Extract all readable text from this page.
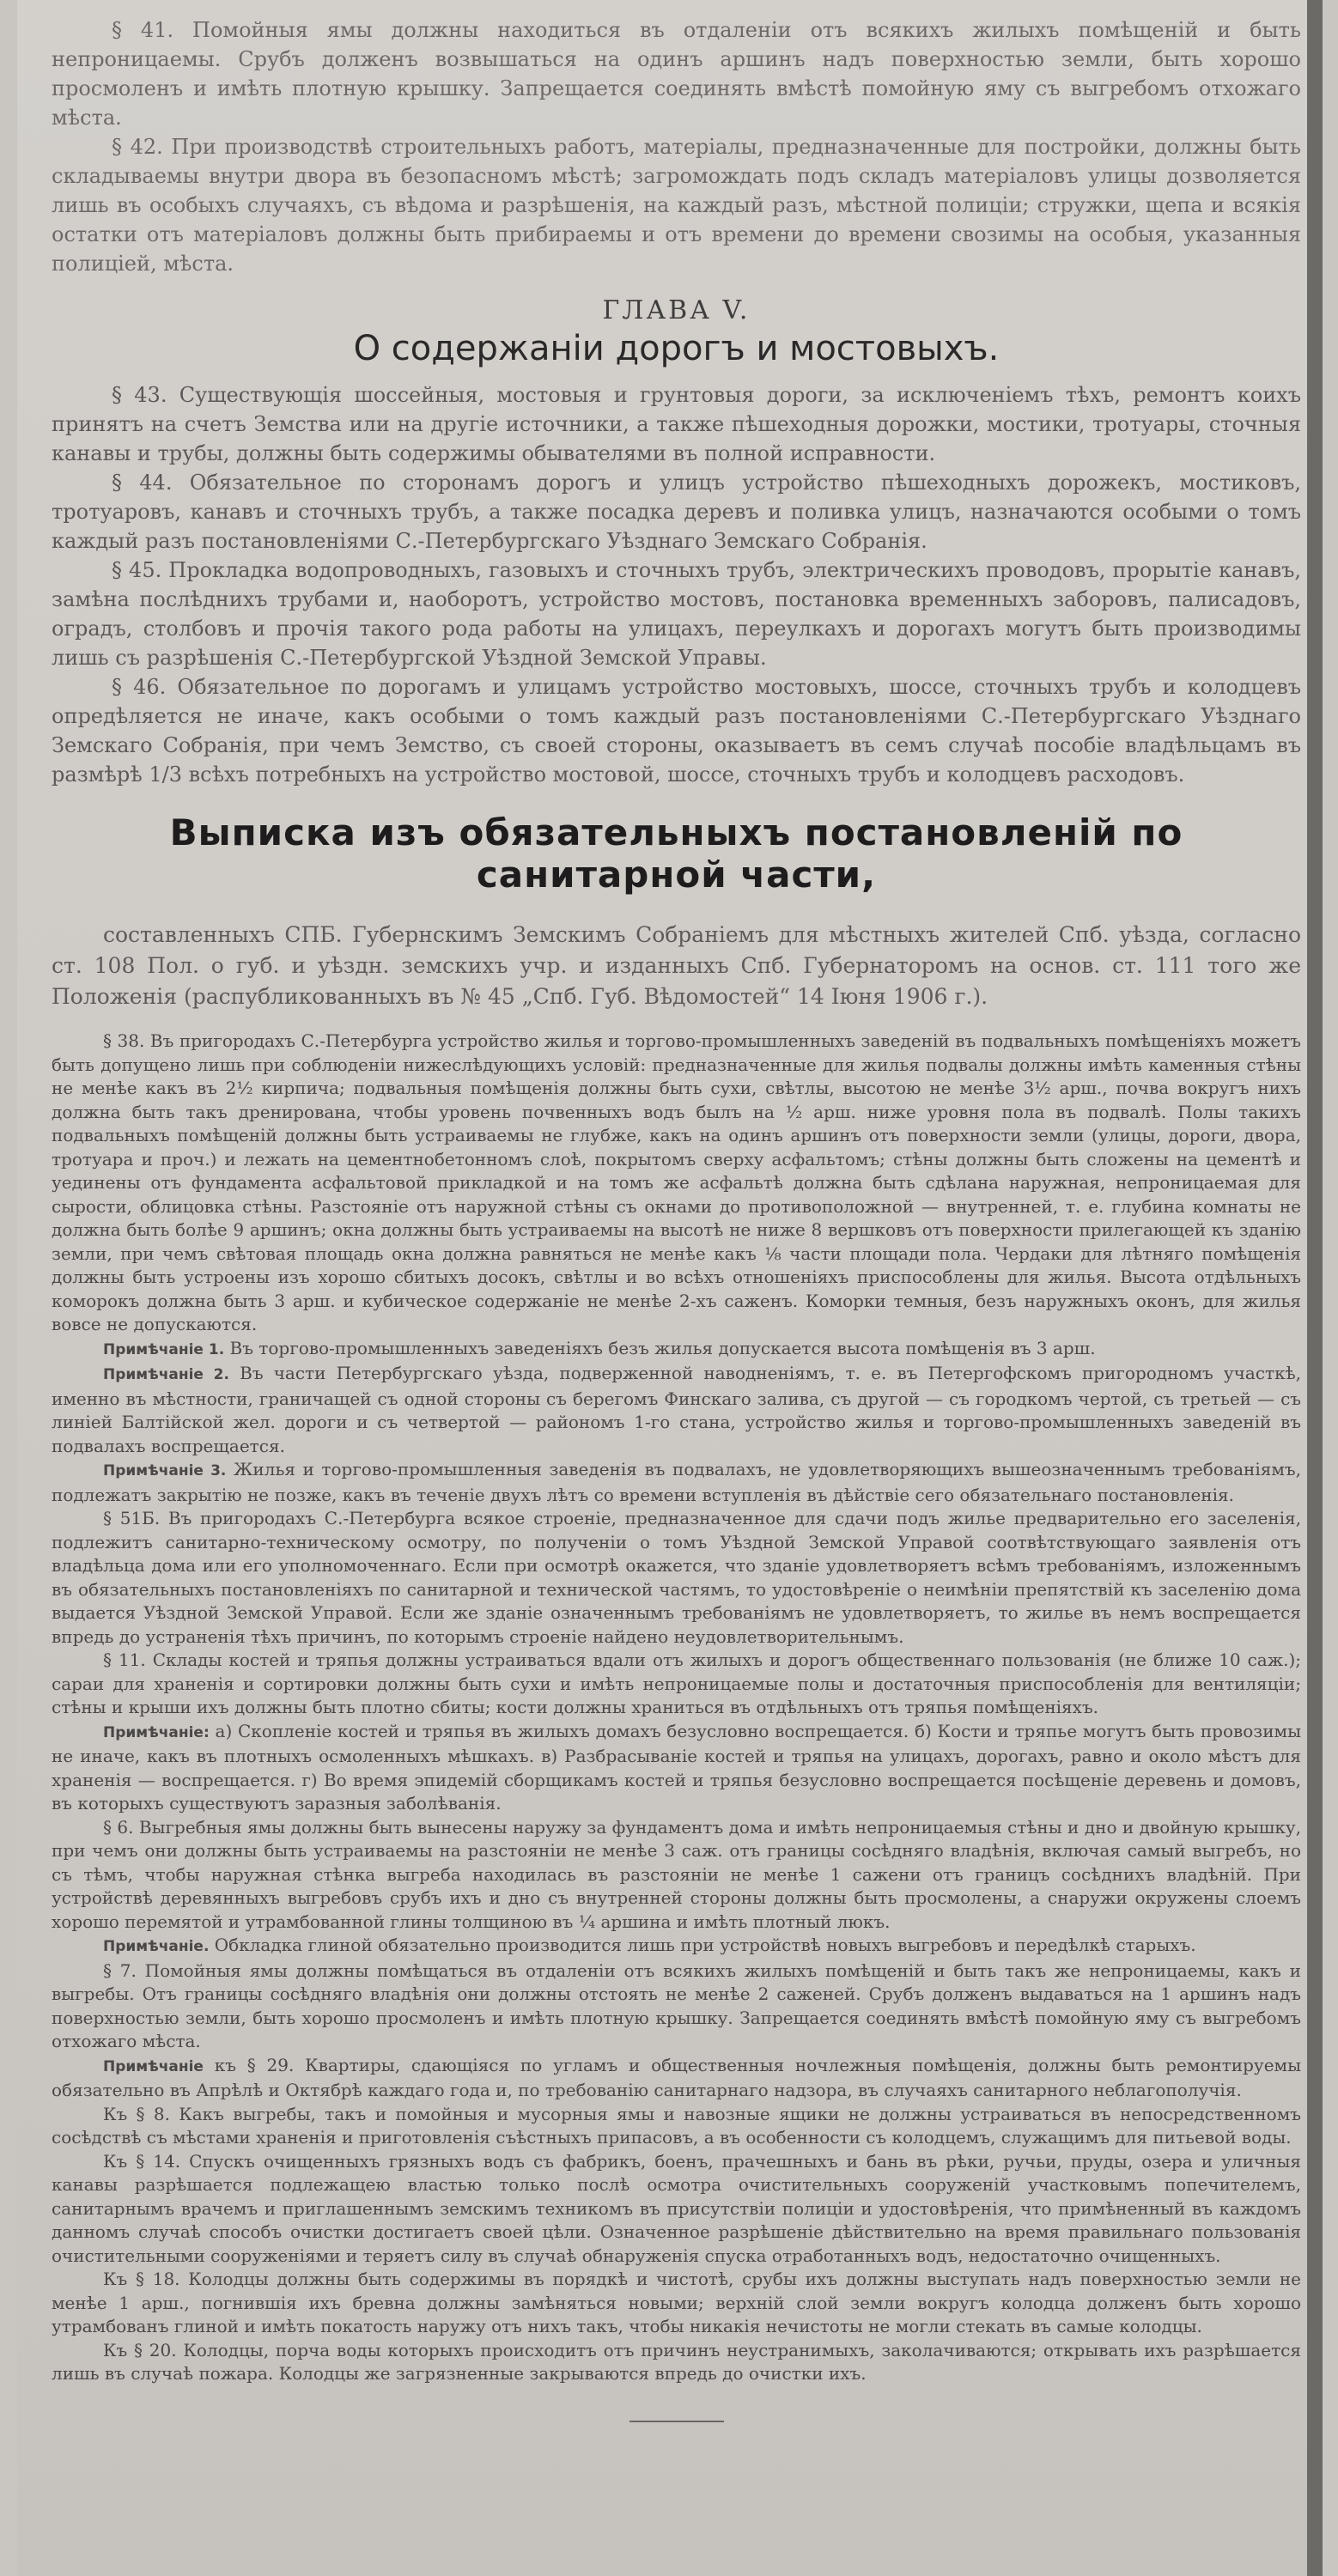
§ 41. Помойныя ямы должны находиться въ отдаленіи отъ всякихъ жилыхъ помѣщеній и быть непроницаемы. Срубъ долженъ возвышаться на одинъ аршинъ надъ поверхностью земли, быть хорошо просмоленъ и имѣть плотную крышку. Запрещается соединять вмѣстѣ помойную яму съ выгребомъ отхожаго мѣста.

§ 42. При производствѣ строительныхъ работъ, матеріалы, предназначенные для постройки, должны быть складываемы внутри двора въ безопасномъ мѣстѣ; загромождать подъ складъ матеріаловъ улицы дозволяется лишь въ особыхъ случаяхъ, съ вѣдома и разрѣшенія, на каждый разъ, мѣстной полиціи; стружки, щепа и всякія остатки отъ матеріаловъ должны быть прибираемы и отъ времени до времени свозимы на особыя, указанныя полиціей, мѣста.

ГЛАВА V.
О содержаніи дорогъ и мостовыхъ.

§ 43. Существующія шоссейныя, мостовыя и грунтовыя дороги, за исключеніемъ тѣхъ, ремонтъ коихъ принятъ на счетъ Земства или на другіе источники, а также пѣшеходныя дорожки, мостики, тротуары, сточныя канавы и трубы, должны быть содержимы обывателями въ полной исправности.

§ 44. Обязательное по сторонамъ дорогъ и улицъ устройство пѣшеходныхъ дорожекъ, мостиковъ, тротуаровъ, канавъ и сточныхъ трубъ, а также посадка деревъ и поливка улицъ, назначаются особыми о томъ каждый разъ постановленіями С.-Петербургскаго Уѣзднаго Земскаго Собранія.

§ 45. Прокладка водопроводныхъ, газовыхъ и сточныхъ трубъ, электрическихъ проводовъ, прорытіе канавъ, замѣна послѣднихъ трубами и, наоборотъ, устройство мостовъ, постановка временныхъ заборовъ, палисадовъ, оградъ, столбовъ и прочія такого рода работы на улицахъ, переулкахъ и дорогахъ могутъ быть производимы лишь съ разрѣшенія С.-Петербургской Уѣздной Земской Управы.

§ 46. Обязательное по дорогамъ и улицамъ устройство мостовыхъ, шоссе, сточныхъ трубъ и колодцевъ опредѣляется не иначе, какъ особыми о томъ каждый разъ постановленіями С.-Петербургскаго Уѣзднаго Земскаго Собранія, при чемъ Земство, съ своей стороны, оказываетъ въ семъ случаѣ пособіе владѣльцамъ въ размѣрѣ 1/3 всѣхъ потребныхъ на устройство мостовой, шоссе, сточныхъ трубъ и колодцевъ расходовъ.

Выписка изъ обязательныхъ постановленій по санитарной части,

составленныхъ СПБ. Губернскимъ Земскимъ Собраніемъ для мѣстныхъ жителей Спб. уѣзда, согласно ст. 108 Пол. о губ. и уѣздн. земскихъ учр. и изданныхъ Спб. Губернаторомъ на основ. ст. 111 того же Положенія (распубликованныхъ въ № 45 „Спб. Губ. Вѣдомостей“ 14 Іюня 1906 г.).

§ 38. Въ пригородахъ С.-Петербурга устройство жилья и торгово-промышленныхъ заведеній въ подвальныхъ помѣщеніяхъ можетъ быть допущено лишь при соблюденіи нижеслѣдующихъ условій: предназначенные для жилья подвалы должны имѣть каменныя стѣны не менѣе какъ въ 2½ кирпича; подвальныя помѣщенія должны быть сухи, свѣтлы, высотою не менѣе 3½ арш., почва вокругъ нихъ должна быть такъ дренирована, чтобы уровень почвенныхъ водъ былъ на ½ арш. ниже уровня пола въ подвалѣ. Полы такихъ подвальныхъ помѣщеній должны быть устраиваемы не глубже, какъ на одинъ аршинъ отъ поверхности земли (улицы, дороги, двора, тротуара и проч.) и лежать на цементнобетонномъ слоѣ, покрытомъ сверху асфальтомъ; стѣны должны быть сложены на цементѣ и уединены отъ фундамента асфальтовой прикладкой и на томъ же асфальтѣ должна быть сдѣлана наружная, непроницаемая для сырости, облицовка стѣны. Разстояніе отъ наружной стѣны съ окнами до противоположной — внутренней, т. е. глубина комнаты не должна быть болѣе 9 аршинъ; окна должны быть устраиваемы на высотѣ не ниже 8 вершковъ отъ поверхности прилегающей къ зданію земли, при чемъ свѣтовая площадь окна должна равняться не менѣе какъ ⅛ части площади пола. Чердаки для лѣтняго помѣщенія должны быть устроены изъ хорошо сбитыхъ досокъ, свѣтлы и во всѣхъ отношеніяхъ приспособлены для жилья. Высота отдѣльныхъ коморокъ должна быть 3 арш. и кубическое содержаніе не менѣе 2-хъ саженъ. Коморки темныя, безъ наружныхъ оконъ, для жилья вовсе не допускаются.

Примѣчаніе 1. Въ торгово-промышленныхъ заведеніяхъ безъ жилья допускается высота помѣщенія въ 3 арш.

Примѣчаніе 2. Въ части Петербургскаго уѣзда, подверженной наводненіямъ, т. е. въ Петергофскомъ пригородномъ участкѣ, именно въ мѣстности, граничащей съ одной стороны съ берегомъ Финскаго залива, съ другой — съ городкомъ чертой, съ третьей — съ линіей Балтійской жел. дороги и съ четвертой — райономъ 1-го стана, устройство жилья и торгово-промышленныхъ заведеній въ подвалахъ воспрещается.

Примѣчаніе 3. Жилья и торгово-промышленныя заведенія въ подвалахъ, не удовлетворяющихъ вышеозначеннымъ требованіямъ, подлежатъ закрытію не позже, какъ въ теченіе двухъ лѣтъ со времени вступленія въ дѣйствіе сего обязательнаго постановленія.

§ 51Б. Въ пригородахъ С.-Петербурга всякое строеніе, предназначенное для сдачи подъ жилье предварительно его заселенія, подлежитъ санитарно-техническому осмотру, по полученіи о томъ Уѣздной Земской Управой соотвѣтствующаго заявленія отъ владѣльца дома или его уполномоченнаго. Если при осмотрѣ окажется, что зданіе удовлетворяетъ всѣмъ требованіямъ, изложеннымъ въ обязательныхъ постановленіяхъ по санитарной и технической частямъ, то удостовѣреніе о неимѣніи препятствій къ заселенію дома выдается Уѣздной Земской Управой. Если же зданіе означеннымъ требованіямъ не удовлетворяетъ, то жилье въ немъ воспрещается впредь до устраненія тѣхъ причинъ, по которымъ строеніе найдено неудовлетворительнымъ.

§ 11. Склады костей и тряпья должны устраиваться вдали отъ жилыхъ и дорогъ общественнаго пользованія (не ближе 10 саж.); сараи для храненія и сортировки должны быть сухи и имѣть непроницаемые полы и достаточныя приспособленія для вентиляціи; стѣны и крыши ихъ должны быть плотно сбиты; кости должны храниться въ отдѣльныхъ отъ тряпья помѣщеніяхъ.

Примѣчаніе: а) Скопленіе костей и тряпья въ жилыхъ домахъ безусловно воспрещается. б) Кости и тряпье могутъ быть провозимы не иначе, какъ въ плотныхъ осмоленныхъ мѣшкахъ. в) Разбрасываніе костей и тряпья на улицахъ, дорогахъ, равно и около мѣстъ для храненія — воспрещается. г) Во время эпидемій сборщикамъ костей и тряпья безусловно воспрещается посѣщеніе деревень и домовъ, въ которыхъ существуютъ заразныя заболѣванія.

§ 6. Выгребныя ямы должны быть вынесены наружу за фундаментъ дома и имѣть непроницаемыя стѣны и дно и двойную крышку, при чемъ они должны быть устраиваемы на разстояніи не менѣе 3 саж. отъ границы сосѣдняго владѣнія, включая самый выгребъ, но съ тѣмъ, чтобы наружная стѣнка выгреба находилась въ разстояніи не менѣе 1 сажени отъ границъ сосѣднихъ владѣній. При устройствѣ деревянныхъ выгребовъ срубъ ихъ и дно съ внутренней стороны должны быть просмолены, а снаружи окружены слоемъ хорошо перемятой и утрамбованной глины толщиною въ ¼ аршина и имѣть плотный люкъ.

Примѣчаніе. Обкладка глиной обязательно производится лишь при устройствѣ новыхъ выгребовъ и передѣлкѣ старыхъ.

§ 7. Помойныя ямы должны помѣщаться въ отдаленіи отъ всякихъ жилыхъ помѣщеній и быть такъ же непроницаемы, какъ и выгребы. Отъ границы сосѣдняго владѣнія они должны отстоять не менѣе 2 саженей. Срубъ долженъ выдаваться на 1 аршинъ надъ поверхностью земли, быть хорошо просмоленъ и имѣть плотную крышку. Запрещается соединять вмѣстѣ помойную яму съ выгребомъ отхожаго мѣста.

Примѣчаніе къ § 29. Квартиры, сдающіяся по угламъ и общественныя ночлежныя помѣщенія, должны быть ремонтируемы обязательно въ Апрѣлѣ и Октябрѣ каждаго года и, по требованію санитарнаго надзора, въ случаяхъ санитарного неблагополучія.

Къ § 8. Какъ выгребы, такъ и помойныя и мусорныя ямы и навозные ящики не должны устраиваться въ непосредственномъ сосѣдствѣ съ мѣстами храненія и приготовленія съѣстныхъ припасовъ, а въ особенности съ колодцемъ, служащимъ для питьевой воды.

Къ § 14. Спускъ очищенныхъ грязныхъ водъ съ фабрикъ, боенъ, прачешныхъ и бань въ рѣки, ручьи, пруды, озера и уличныя канавы разрѣшается подлежащею властью только послѣ осмотра очистительныхъ сооруженій участковымъ попечителемъ, санитарнымъ врачемъ и приглашеннымъ земскимъ техникомъ въ присутствіи полиціи и удостовѣренія, что примѣненный въ каждомъ данномъ случаѣ способъ очистки достигаетъ своей цѣли. Означенное разрѣшеніе дѣйствительно на время правильнаго пользованія очистительными сооруженіями и теряетъ силу въ случаѣ обнаруженія спуска отработанныхъ водъ, недостаточно очищенныхъ.

Къ § 18. Колодцы должны быть содержимы въ порядкѣ и чистотѣ, срубы ихъ должны выступать надъ поверхностью земли не менѣе 1 арш., погнившія ихъ бревна должны замѣняться новыми; верхній слой земли вокругъ колодца долженъ быть хорошо утрамбованъ глиной и имѣть покатость наружу отъ нихъ такъ, чтобы никакія нечистоты не могли стекать въ самые колодцы.

Къ § 20. Колодцы, порча воды которыхъ происходитъ отъ причинъ неустранимыхъ, заколачиваются; открывать ихъ разрѣшается лишь въ случаѣ пожара. Колодцы же загрязненные закрываются впредь до очистки ихъ.
